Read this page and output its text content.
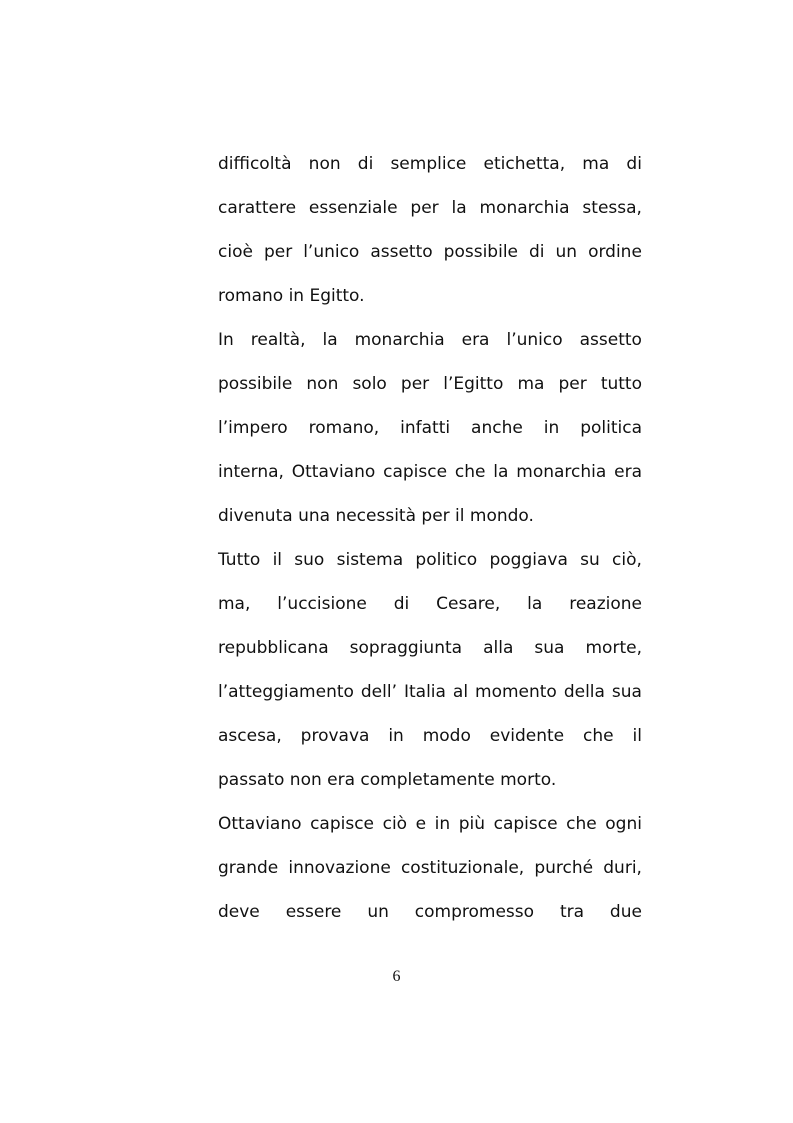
difficoltà non di semplice etichetta, ma di
carattere essenziale per la monarchia stessa,
cioè per l’unico assetto possibile di un ordine
romano in Egitto.
In realtà, la monarchia era l’unico assetto
possibile non solo per l’Egitto ma per tutto
l’impero romano, infatti anche in politica
interna, Ottaviano capisce che la monarchia era
divenuta una necessità per il mondo.
Tutto il suo sistema politico poggiava su ciò,
ma, l’uccisione di Cesare, la reazione
repubblicana sopraggiunta alla sua morte,
l’atteggiamento dell’ Italia al momento della sua
ascesa, provava in modo evidente che il
passato non era completamente morto.
Ottaviano capisce ciò e in più capisce che ogni
grande innovazione costituzionale, purché duri,
deve essere un compromesso tra due
6
